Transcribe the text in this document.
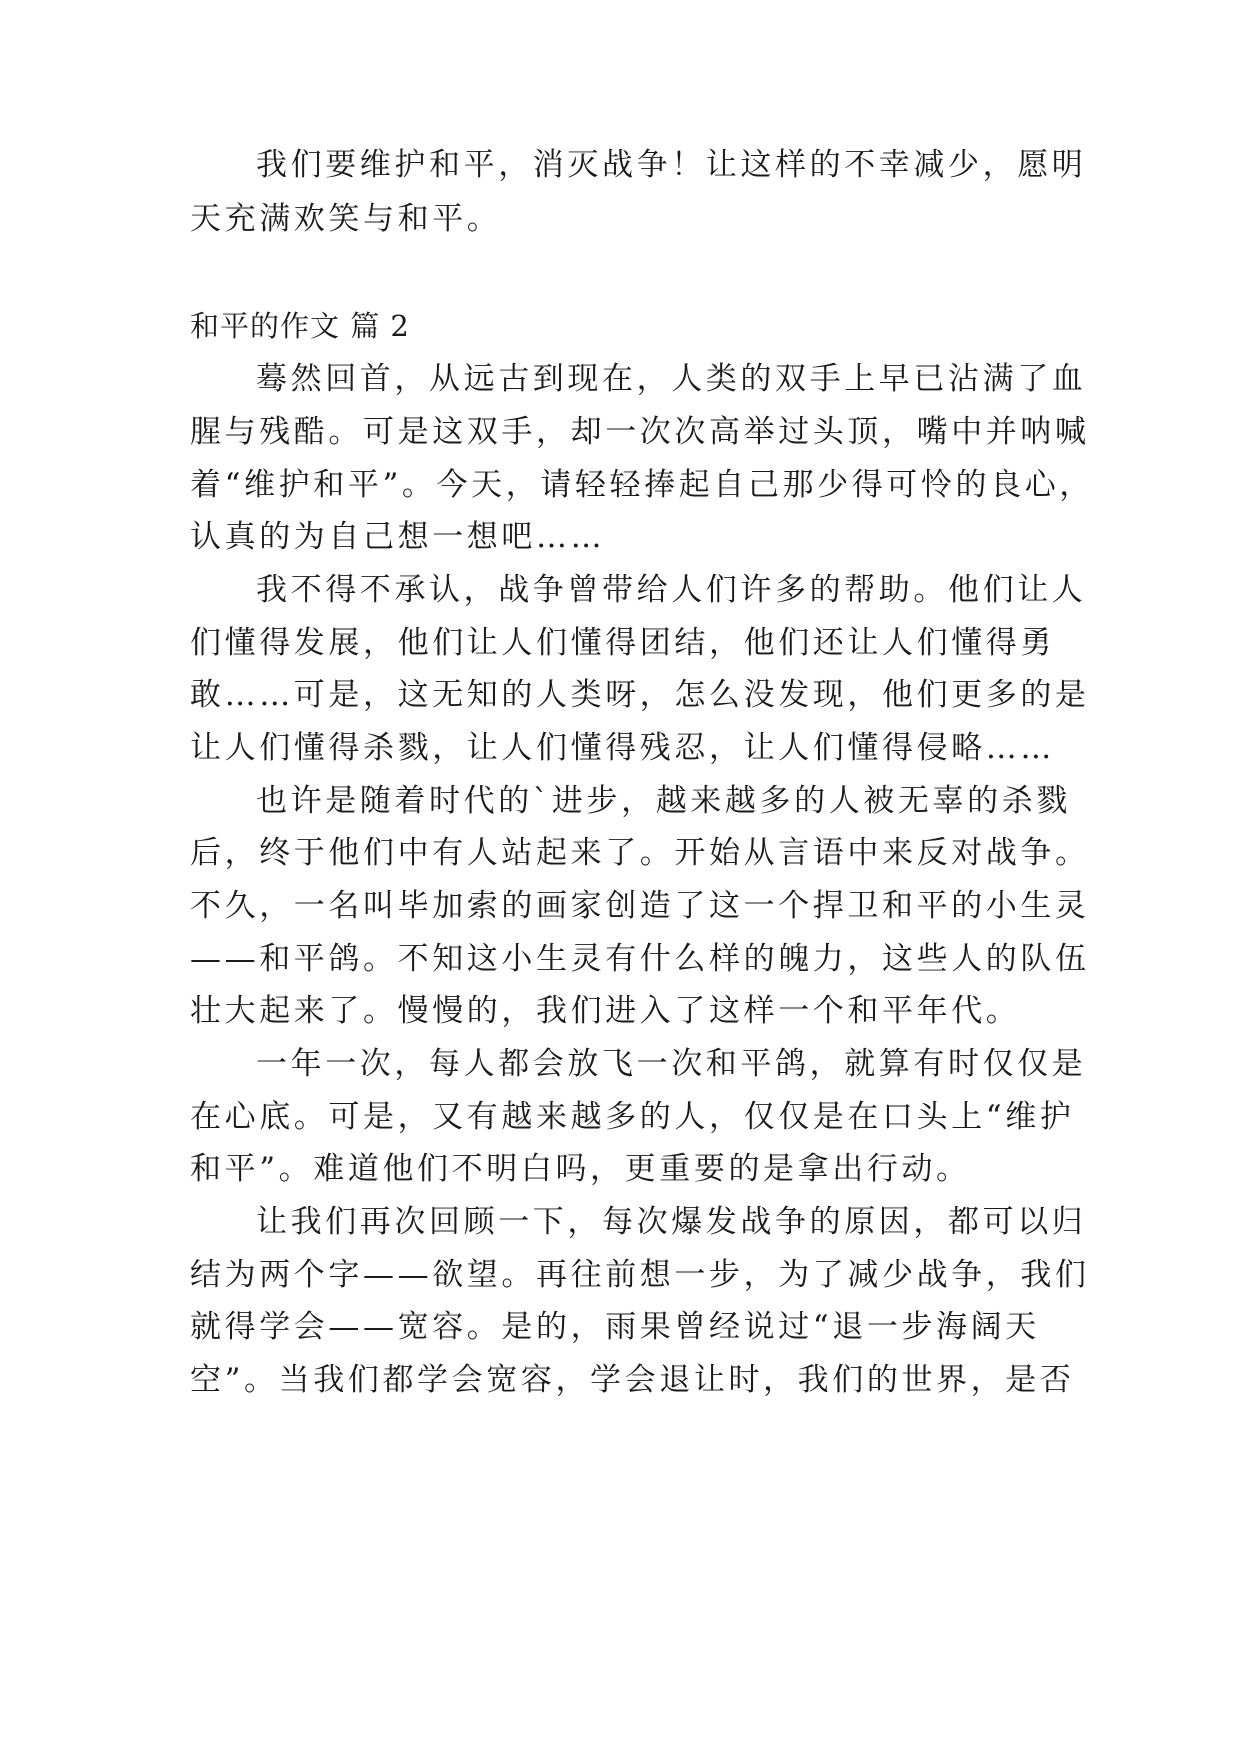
我们要维护和平，消灭战争！让这样的不幸减少，愿明
天充满欢笑与和平。
和平的作文 篇 2
蓦然回首，从远古到现在，人类的双手上早已沾满了血
腥与残酷。可是这双手，却一次次高举过头顶，嘴中并呐喊
着“维护和平”。今天，请轻轻捧起自己那少得可怜的良心，
认真的为自己想一想吧……
我不得不承认，战争曾带给人们许多的帮助。他们让人
们懂得发展，他们让人们懂得团结，他们还让人们懂得勇
敢……可是，这无知的人类呀，怎么没发现，他们更多的是
让人们懂得杀戮，让人们懂得残忍，让人们懂得侵略……
也许是随着时代的`进步，越来越多的人被无辜的杀戮
后，终于他们中有人站起来了。开始从言语中来反对战争。
不久，一名叫毕加索的画家创造了这一个捍卫和平的小生灵
——和平鸽。不知这小生灵有什么样的魄力，这些人的队伍
壮大起来了。慢慢的，我们进入了这样一个和平年代。
一年一次，每人都会放飞一次和平鸽，就算有时仅仅是
在心底。可是，又有越来越多的人，仅仅是在口头上“维护
和平”。难道他们不明白吗，更重要的是拿出行动。
让我们再次回顾一下，每次爆发战争的原因，都可以归
结为两个字——欲望。再往前想一步，为了减少战争，我们
就得学会——宽容。是的，雨果曾经说过“退一步海阔天
空”。当我们都学会宽容，学会退让时，我们的世界，是否
